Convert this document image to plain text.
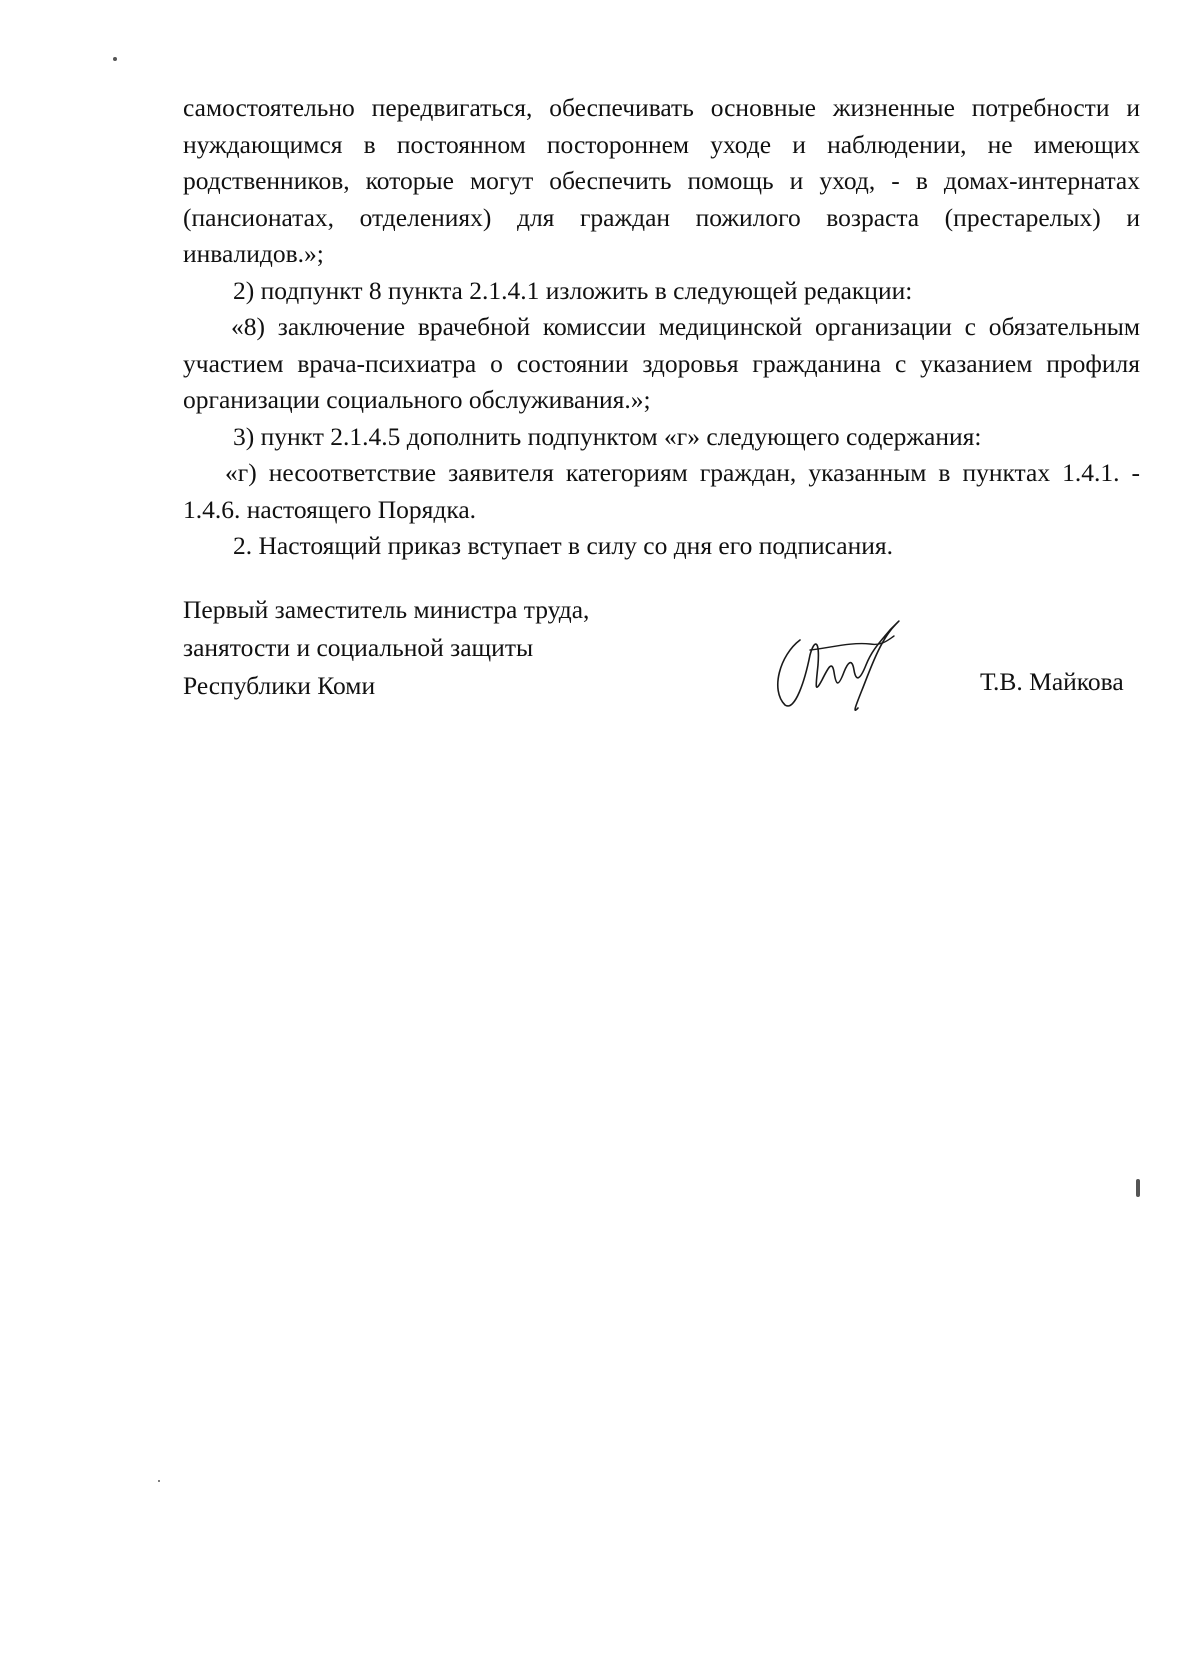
самостоятельно передвигаться, обеспечивать основные жизненные потребности и нуждающимся в постоянном постороннем уходе и наблюдении, не имеющих родственников, которые могут обеспечить помощь и уход, - в домах-интернатах (пансионатах, отделениях) для граждан пожилого возраста (престарелых) и инвалидов.»;

2) подпункт 8 пункта 2.1.4.1 изложить в следующей редакции:

«8) заключение врачебной комиссии медицинской организации с обязательным участием врача-психиатра о состоянии здоровья гражданина с указанием профиля организации социального обслуживания.»;

3) пункт 2.1.4.5 дополнить подпунктом «г» следующего содержания:

«г) несоответствие заявителя категориям граждан, указанным в пунктах 1.4.1. - 1.4.6. настоящего Порядка.

2. Настоящий приказ вступает в силу со дня его подписания.

Первый заместитель министра труда,
занятости и социальной защиты
Республики Коми	Т.В. Майкова
